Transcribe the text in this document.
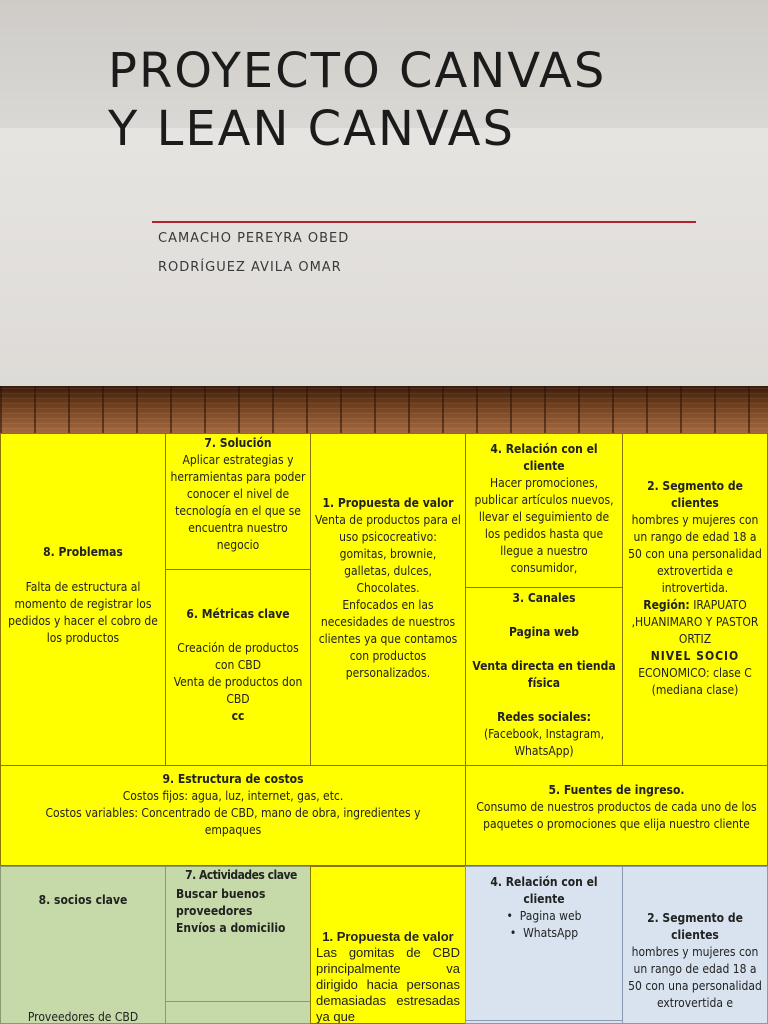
PROYECTO CANVAS
Y LEAN CANVAS
CAMACHO PEREYRA OBED
RODRÍGUEZ AVILA OMAR
8. Problemas

Falta de estructura al momento de registrar los pedidos y hacer el cobro de los productos

7. Solución

Aplicar estrategias y herramientas para poder conocer el nivel de tecnología en el que se encuentra nuestro negocio

6. Métricas clave

Creación de productos con CBD

Venta de productos don CBD

cc

1. Propuesta de valor

Venta de productos para el uso psicocreativo: gomitas, brownie, galletas, dulces, Chocolates.

Enfocados en las necesidades de nuestros clientes ya que contamos con productos personalizados.

4. Relación con el cliente

Hacer promociones, publicar artículos nuevos, llevar el seguimiento de los pedidos hasta que llegue a nuestro consumidor,

3. Canales

Pagina web

Venta directa en tienda física

Redes sociales:

(Facebook, Instagram, WhatsApp)

2. Segmento de clientes

hombres y mujeres con un rango de edad 18 a 50 con una personalidad extrovertida e introvertida.

Región: IRAPUATO ,HUANIMARO Y PASTOR ORTIZ

NIVEL SOCIO

ECONOMICO: clase C (mediana clase)

9. Estructura de costos

Costos fijos: agua, luz, internet, gas, etc.

Costos variables: Concentrado de CBD, mano de obra, ingredientes y empaques

5. Fuentes de ingreso.

Consumo de nuestros productos de cada uno de los paquetes o promociones que elija nuestro cliente

8. socios clave

Proveedores de CBD

7. Actividades clave

Buscar buenos proveedores

Envíos a domicilio

1. Propuesta de valor

Las gomitas de CBD principalmente va dirigido hacia personas demasiadas estresadas ya que

4. Relación con el cliente

•  Pagina web

•  WhatsApp

2. Segmento de clientes

hombres y mujeres con un rango de edad 18 a 50 con una personalidad extrovertida e
